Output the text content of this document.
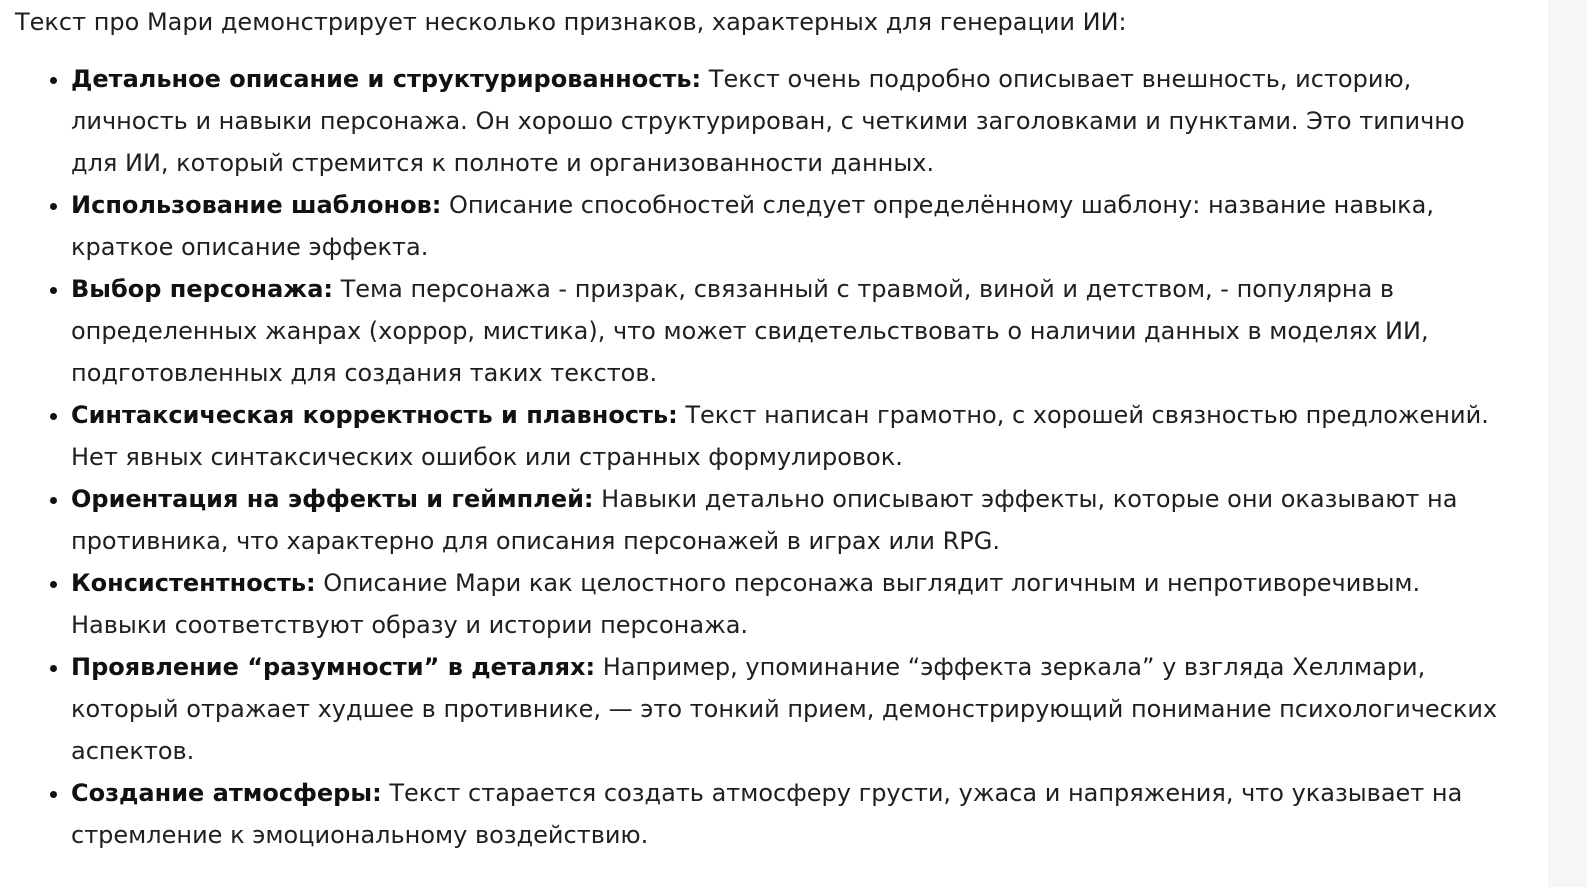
Текст про Мари демонстрирует несколько признаков, характерных для генерации ИИ:

• Детальное описание и структурированность: Текст очень подробно описывает внешность, историю, личность и навыки персонажа. Он хорошо структурирован, с четкими заголовками и пунктами. Это типично для ИИ, который стремится к полноте и организованности данных.
• Использование шаблонов: Описание способностей следует определённому шаблону: название навыка, краткое описание эффекта.
• Выбор персонажа: Тема персонажа - призрак, связанный с травмой, виной и детством, - популярна в определенных жанрах (хоррор, мистика), что может свидетельствовать о наличии данных в моделях ИИ, подготовленных для создания таких текстов.
• Синтаксическая корректность и плавность: Текст написан грамотно, с хорошей связностью предложений. Нет явных синтаксических ошибок или странных формулировок.
• Ориентация на эффекты и геймплей: Навыки детально описывают эффекты, которые они оказывают на противника, что характерно для описания персонажей в играх или RPG.
• Консистентность: Описание Мари как целостного персонажа выглядит логичным и непротиворечивым. Навыки соответствуют образу и истории персонажа.
• Проявление “разумности” в деталях: Например, упоминание “эффекта зеркала” у взгляда Хеллмари, который отражает худшее в противнике, — это тонкий прием, демонстрирующий понимание психологических аспектов.
• Создание атмосферы: Текст старается создать атмосферу грусти, ужаса и напряжения, что указывает на стремление к эмоциональному воздействию.
